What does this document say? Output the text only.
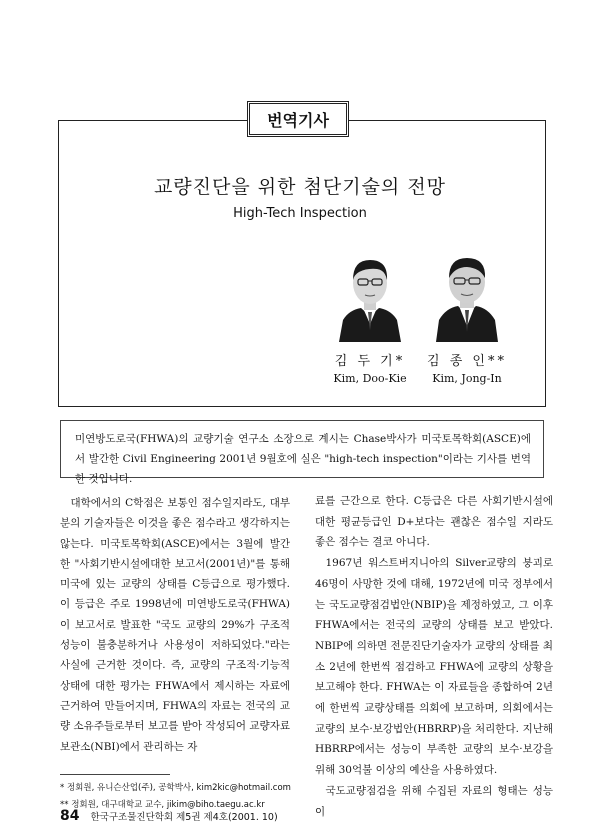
번역기사
교량진단을 위한 첨단기술의 전망
High-Tech Inspection
김 두 기*
Kim, Doo-Kie
김 종 인**
Kim, Jong-In
미연방도로국(FHWA)의 교량기술 연구소 소장으로 계시는 Chase박사가 미국토목학회(ASCE)에서 발간한 Civil Engineering 2001년 9월호에 실은 "high-tech inspection"이라는 기사를 번역한 것입니다.

대학에서의 C학점은 보통인 점수일지라도, 대부분의 기술자들은 이것을 좋은 점수라고 생각하지는 않는다. 미국토목학회(ASCE)에서는 3월에 발간한 "사회기반시설에대한 보고서(2001년)"를 통해 미국에 있는 교량의 상태를 C등급으로 평가했다. 이 등급은 주로 1998년에 미연방도로국(FHWA)이 보고서로 발표한 "국도 교량의 29%가 구조적 성능이 불충분하거나 사용성이 저하되었다."라는 사실에 근거한 것이다. 즉, 교량의 구조적·기능적 상태에 대한 평가는 FHWA에서 제시하는 자료에 근거하여 만들어지며, FHWA의 자료는 전국의 교량 소유주들로부터 보고를 받아 작성되어 교량자료보관소(NBI)에서 관리하는 자

료를 근간으로 한다. C등급은 다른 사회기반시설에 대한 평균등급인 D+보다는 괜찮은 점수일 지라도 좋은 점수는 결코 아니다.

1967년 워스트버지니아의 Silver교량의 붕괴로 46명이 사망한 것에 대해, 1972년에 미국 정부에서는 국도교량점검법안(NBIP)을 제정하였고, 그 이후 FHWA에서는 전국의 교량의 상태를 보고 받았다. NBIP에 의하면 전문진단기술자가 교량의 상태를 최소 2년에 한번씩 점검하고 FHWA에 교량의 상황을 보고해야 한다. FHWA는 이 자료들을 종합하여 2년에 한번씩 교량상태를 의회에 보고하며, 의회에서는 교량의 보수·보강법안(HBRRP)을 처리한다. 지난해 HBRRP에서는 성능이 부족한 교량의 보수·보강을 위해 30억불 이상의 예산을 사용하였다.

국도교량점검을 위해 수집된 자료의 형태는 성능이

* 정회원, 유니슨산업(주), 공학박사, kim2kic@hotmail.com
** 정회원, 대구대학교 교수, jikim@biho.taegu.ac.kr
84 한국구조물진단학회 제5권 제4호(2001. 10)
